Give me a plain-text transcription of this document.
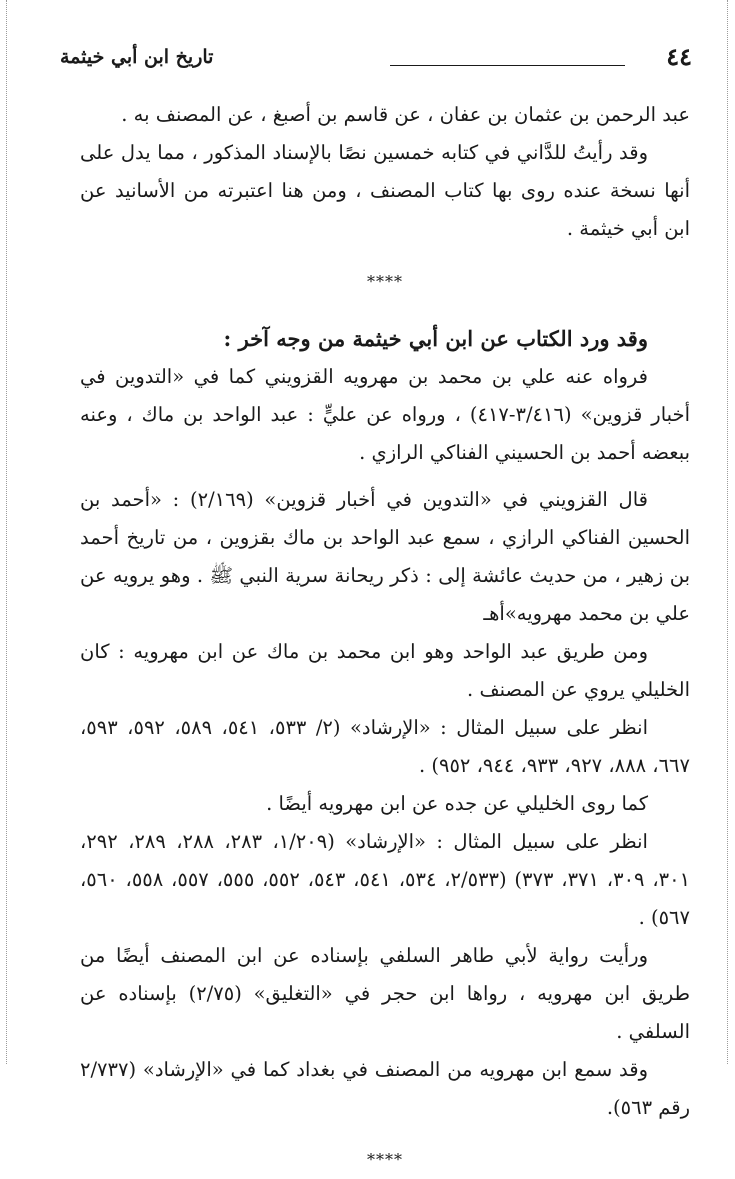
٤٤
تاريخ ابن أبي خيثمة

عبد الرحمن بن عثمان بن عفان ، عن قاسم بن أصبغ ، عن المصنف به .

وقد رأيتُ للدَّاني في كتابه خمسين نصًا بالإسناد المذكور ، مما يدل على أنها نسخة عنده روى بها كتاب المصنف ، ومن هنا اعتبرته من الأسانيد عن ابن أبي خيثمة .

****

وقد ورد الكتاب عن ابن أبي خيثمة من وجه آخر :

فرواه عنه علي بن محمد بن مهرويه القزويني كما في «التدوين في أخبار قزوين» (٣/٤١٦-٤١٧) ، ورواه عن عليٍّ : عبد الواحد بن ماك ، وعنه ببعضه أحمد بن الحسيني الفناكي الرازي .

قال القزويني في «التدوين في أخبار قزوين» (٢/١٦٩) : «أحمد بن الحسين الفناكي الرازي ، سمع عبد الواحد بن ماك بقزوين ، من تاريخ أحمد بن زهير ، من حديث عائشة إلى : ذكر ريحانة سرية النبي ﷺ . وهو يرويه عن علي بن محمد مهرويه»أهـ

ومن طريق عبد الواحد وهو ابن محمد بن ماك عن ابن مهرويه : كان الخليلي يروي عن المصنف .

انظر على سبيل المثال : «الإرشاد» (٢/ ٥٣٣، ٥٤١، ٥٨٩، ٥٩٢، ٥٩٣، ٦٦٧، ٨٨٨، ٩٢٧، ٩٣٣، ٩٤٤، ٩٥٢) .

كما روى الخليلي عن جده عن ابن مهرويه أيضًا .

انظر على سبيل المثال : «الإرشاد» (١/٢٠٩، ٢٨٣، ٢٨٨، ٢٨٩، ٢٩٢، ٣٠١، ٣٠٩، ٣٧١، ٣٧٣) (٢/٥٣٣، ٥٣٤، ٥٤١، ٥٤٣، ٥٥٢، ٥٥٥، ٥٥٧، ٥٥٨، ٥٦٠، ٥٦٧) .

ورأيت رواية لأبي طاهر السلفي بإسناده عن ابن المصنف أيضًا من طريق ابن مهرويه ، رواها ابن حجر في «التغليق» (٢/٧٥) بإسناده عن السلفي .

وقد سمع ابن مهرويه من المصنف في بغداد كما في «الإرشاد» (٢/٧٣٧ رقم ٥٦٣).

****
